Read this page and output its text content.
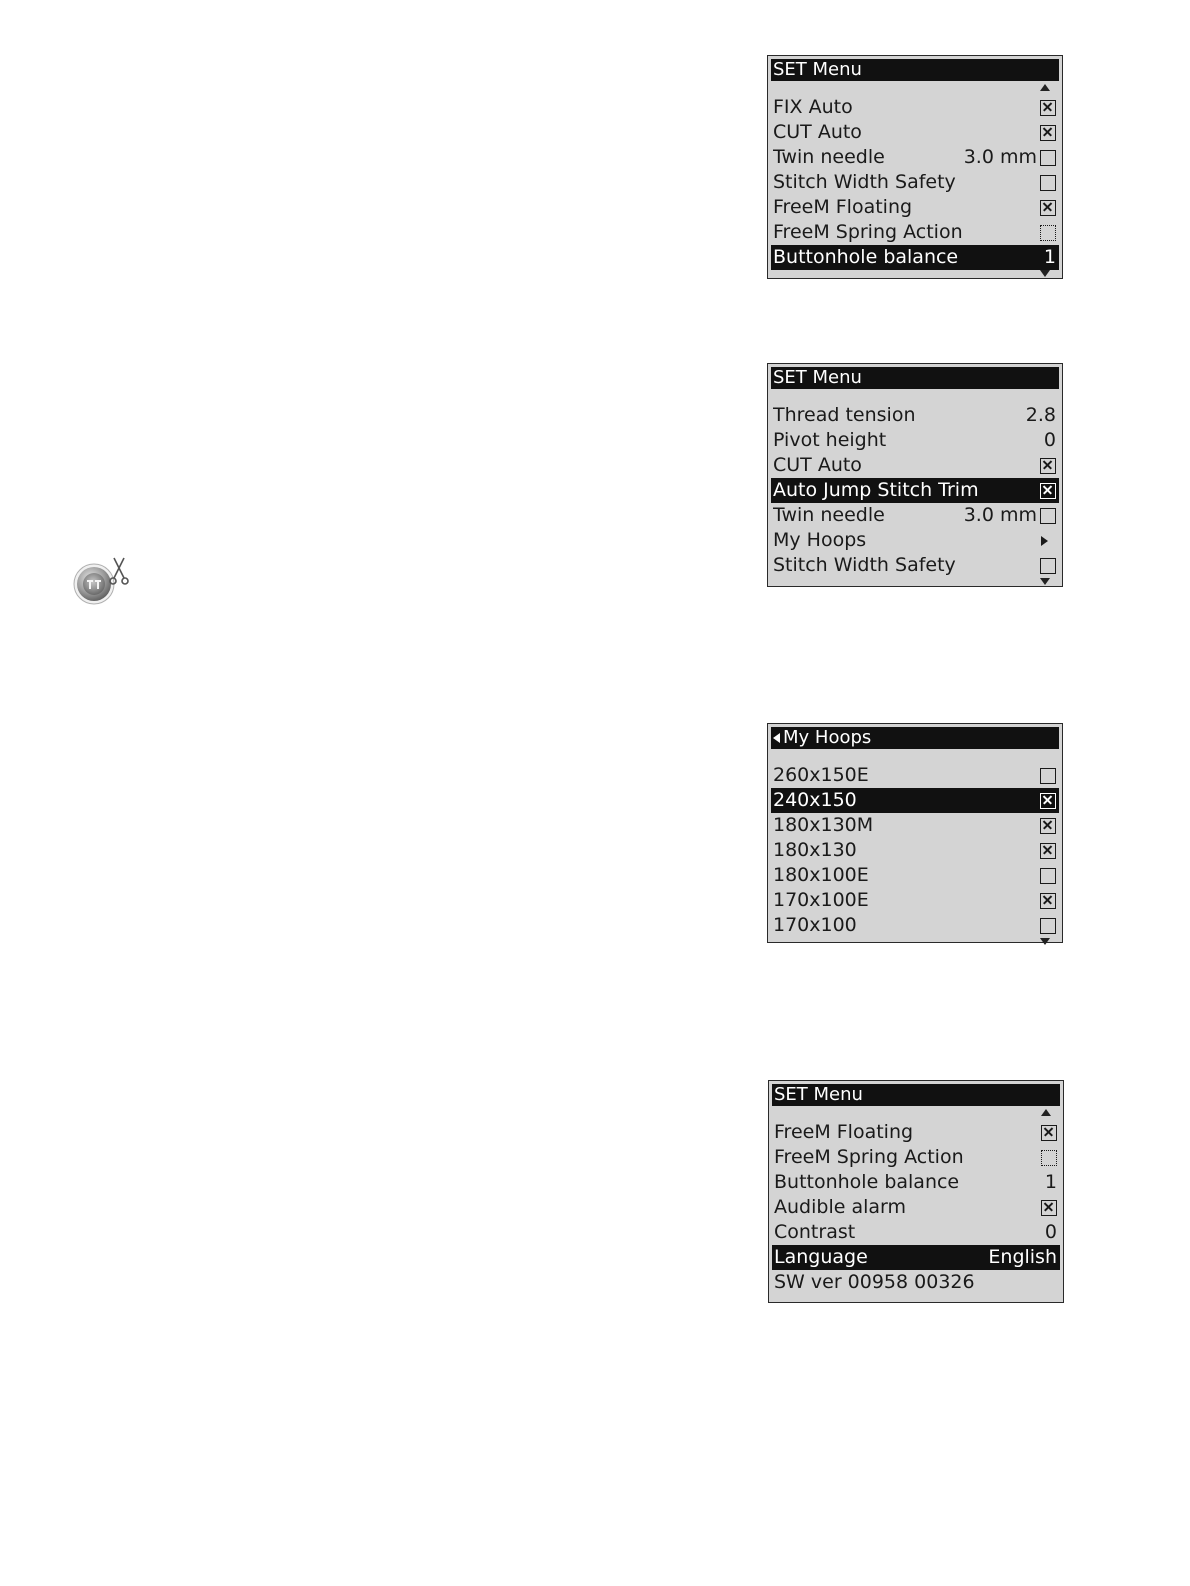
SET Menu
FIX Auto
CUT Auto
Twin needle	3.0 mm
Stitch Width Safety
FreeM Floating
FreeM Spring Action
Buttonhole balance	1
SET Menu
Thread tension	2.8
Pivot height	0
CUT Auto
Auto Jump Stitch Trim
Twin needle	3.0 mm
My Hoops
Stitch Width Safety
My Hoops
260x150E
240x150
180x130M
180x130
180x100E
170x100E
170x100
SET Menu
FreeM Floating
FreeM Spring Action
Buttonhole balance	1
Audible alarm
Contrast	0
Language	English
SW ver 00958 00326
